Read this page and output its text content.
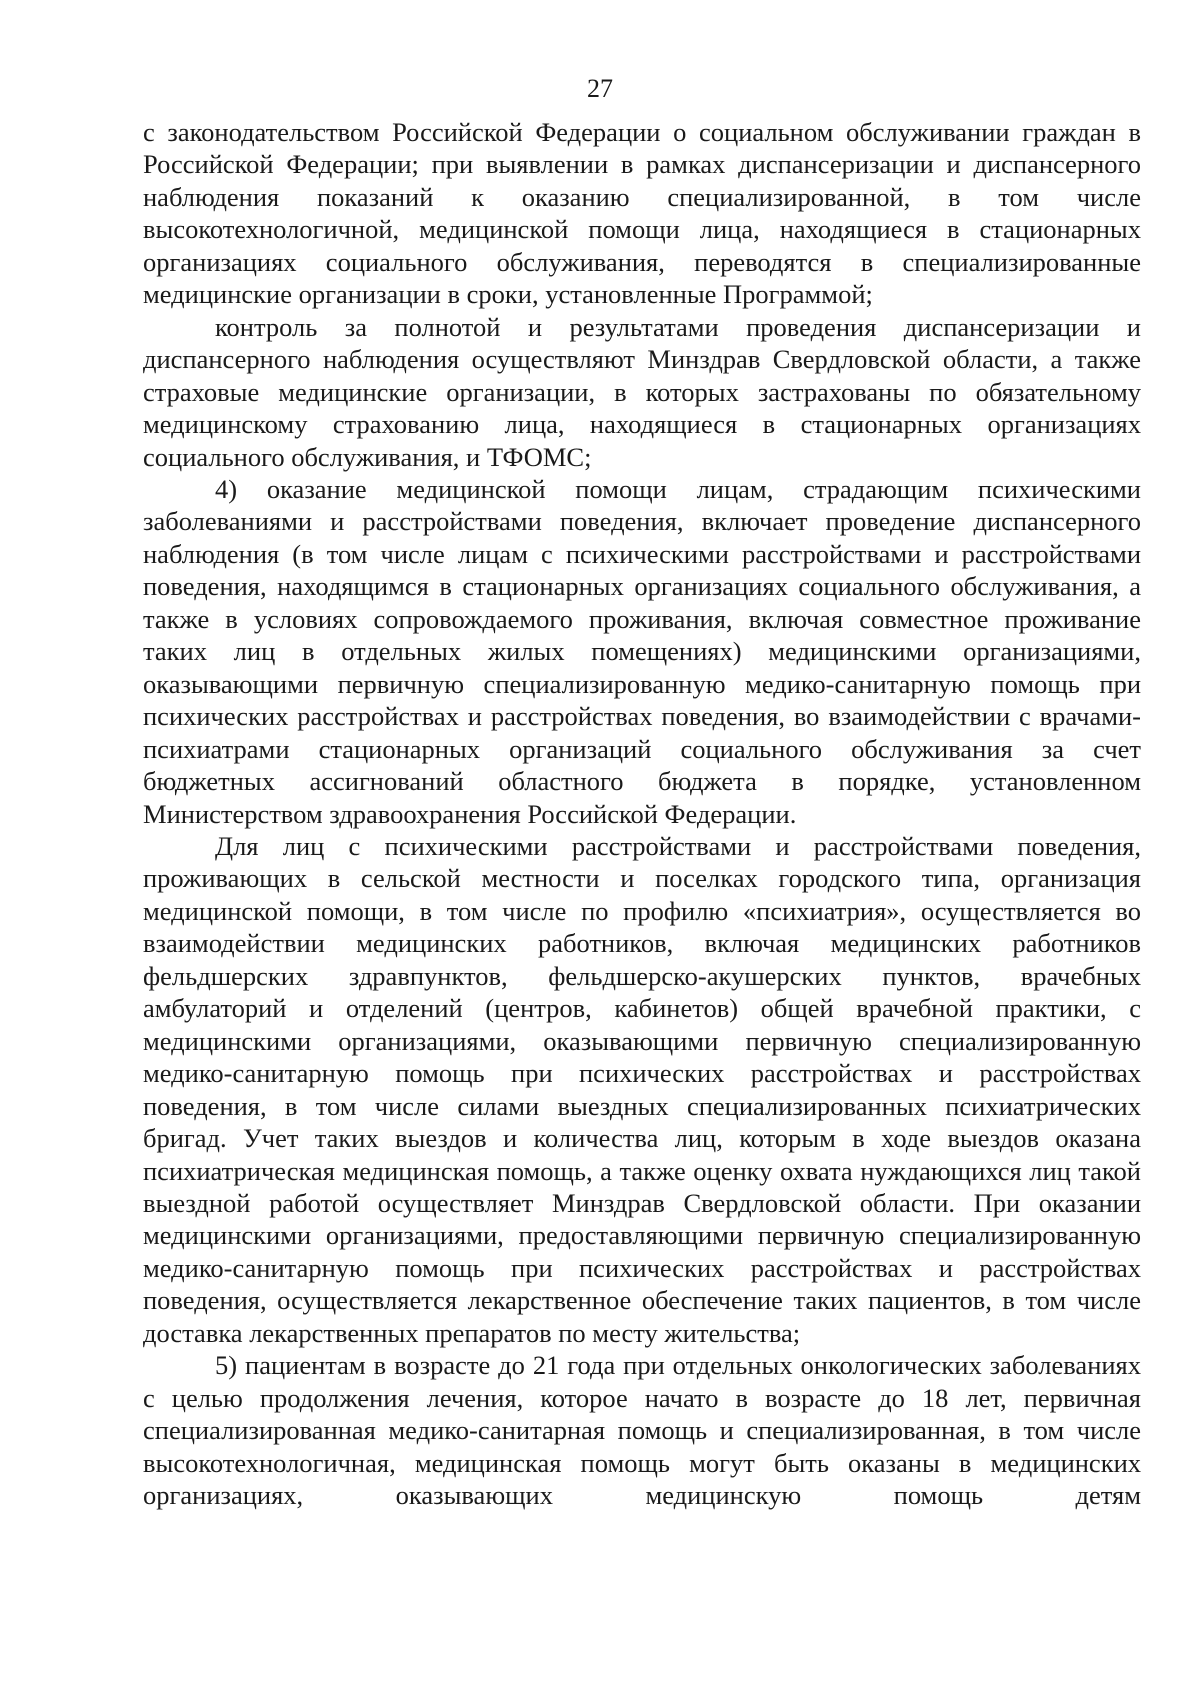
27

с законодательством Российской Федерации о социальном обслуживании граждан в Российской Федерации; при выявлении в рамках диспансеризации и диспансерного наблюдения показаний к оказанию специализированной, в том числе высокотехнологичной, медицинской помощи лица, находящиеся в стационарных организациях социального обслуживания, переводятся в специализированные медицинские организации в сроки, установленные Программой;

контроль за полнотой и результатами проведения диспансеризации и диспансерного наблюдения осуществляют Минздрав Свердловской области, а также страховые медицинские организации, в которых застрахованы по обязательному медицинскому страхованию лица, находящиеся в стационарных организациях социального обслуживания, и ТФОМС;

4) оказание медицинской помощи лицам, страдающим психическими заболеваниями и расстройствами поведения, включает проведение диспансерного наблюдения (в том числе лицам с психическими расстройствами и расстройствами поведения, находящимся в стационарных организациях социального обслуживания, а также в условиях сопровождаемого проживания, включая совместное проживание таких лиц в отдельных жилых помещениях) медицинскими организациями, оказывающими первичную специализированную медико-санитарную помощь при психических расстройствах и расстройствах поведения, во взаимодействии с врачами-психиатрами стационарных организаций социального обслуживания за счет бюджетных ассигнований областного бюджета в порядке, установленном Министерством здравоохранения Российской Федерации.

Для лиц с психическими расстройствами и расстройствами поведения, проживающих в сельской местности и поселках городского типа, организация медицинской помощи, в том числе по профилю «психиатрия», осуществляется во взаимодействии медицинских работников, включая медицинских работников фельдшерских здравпунктов, фельдшерско-акушерских пунктов, врачебных амбулаторий и отделений (центров, кабинетов) общей врачебной практики, с медицинскими организациями, оказывающими первичную специализированную медико-санитарную помощь при психических расстройствах и расстройствах поведения, в том числе силами выездных специализированных психиатрических бригад. Учет таких выездов и количества лиц, которым в ходе выездов оказана психиатрическая медицинская помощь, а также оценку охвата нуждающихся лиц такой выездной работой осуществляет Минздрав Свердловской области. При оказании медицинскими организациями, предоставляющими первичную специализированную медико-санитарную помощь при психических расстройствах и расстройствах поведения, осуществляется лекарственное обеспечение таких пациентов, в том числе доставка лекарственных препаратов по месту жительства;

5) пациентам в возрасте до 21 года при отдельных онкологических заболеваниях с целью продолжения лечения, которое начато в возрасте до 18 лет, первичная специализированная медико-санитарная помощь и специализированная, в том числе высокотехнологичная, медицинская помощь могут быть оказаны в медицинских организациях, оказывающих медицинскую помощь детям
